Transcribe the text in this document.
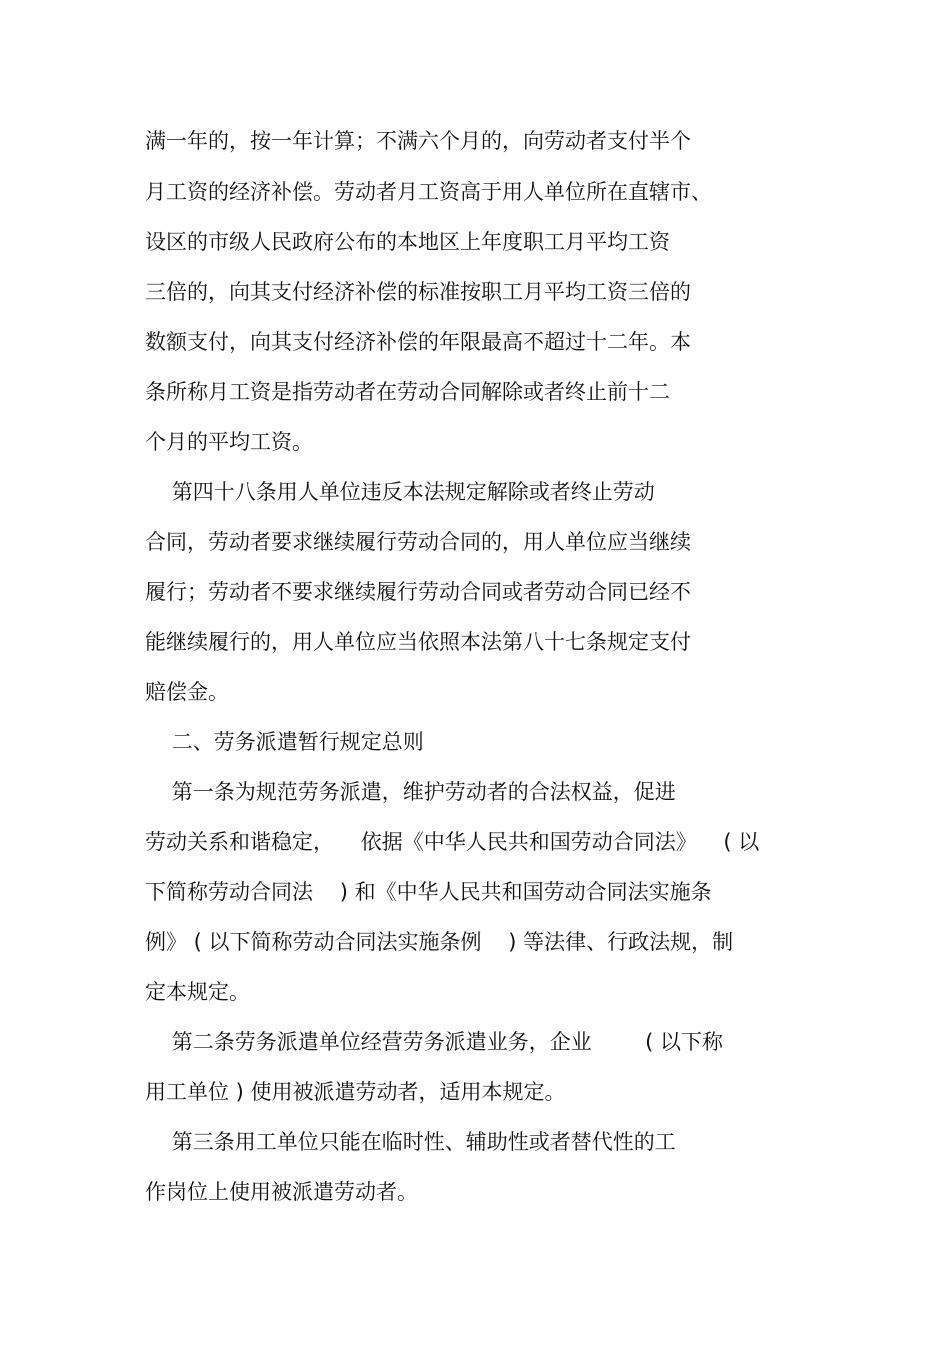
满一年的，按一年计算；不满六个月的，向劳动者支付半个
月工资的经济补偿。劳动者月工资高于用人单位所在直辖市、
设区的市级人民政府公布的本地区上年度职工月平均工资
三倍的，向其支付经济补偿的标准按职工月平均工资三倍的
数额支付，向其支付经济补偿的年限最高不超过十二年。本
条所称月工资是指劳动者在劳动合同解除或者终止前十二
个月的平均工资。
第四十八条用人单位违反本法规定解除或者终止劳动
合同，劳动者要求继续履行劳动合同的，用人单位应当继续
履行；劳动者不要求继续履行劳动合同或者劳动合同已经不
能继续履行的，用人单位应当依照本法第八十七条规定支付
赔偿金。
二、劳务派遣暂行规定总则
第一条为规范劳务派遣，维护劳动者的合法权益，促进
劳动关系和谐稳定，    依据《中华人民共和国劳动合同法》    ( 以
下简称劳动合同法    ) 和《中华人民共和国劳动合同法实施条
例》 ( 以下简称劳动合同法实施条例    ) 等法律、行政法规，制
定本规定。
第二条劳务派遣单位经营劳务派遣业务，企业        ( 以下称
用工单位 ) 使用被派遣劳动者，适用本规定。
第三条用工单位只能在临时性、辅助性或者替代性的工
作岗位上使用被派遣劳动者。
